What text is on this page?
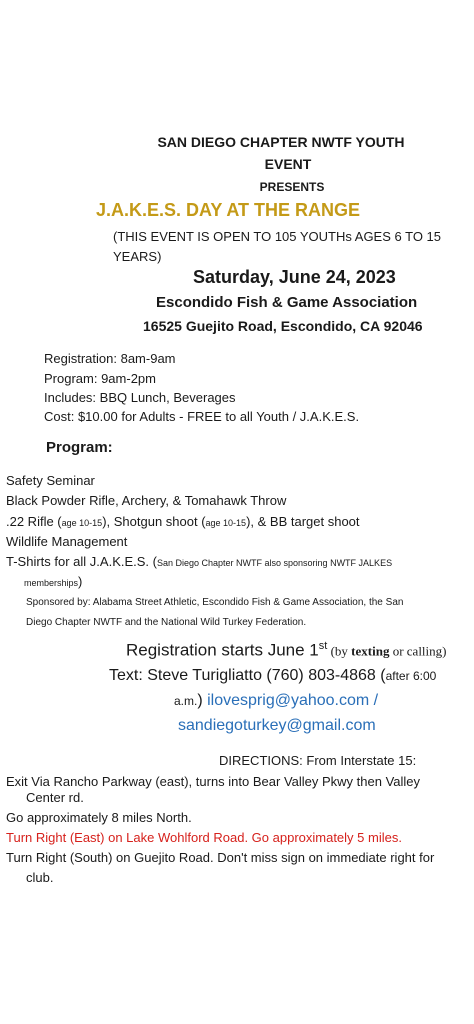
SAN DIEGO CHAPTER NWTF YOUTH
EVENT
PRESENTS
J.A.K.E.S. DAY AT THE RANGE
(THIS EVENT IS OPEN TO 105 YOUTHs AGES 6 TO 15
YEARS)
Saturday, June 24, 2023
Escondido Fish & Game Association
16525 Guejito Road, Escondido, CA 92046
Registration: 8am-9am
Program: 9am-2pm
Includes: BBQ Lunch, Beverages
Cost: $10.00 for Adults - FREE to all Youth / J.A.K.E.S.
Program:
Safety Seminar
Black Powder Rifle, Archery, & Tomahawk Throw
.22 Rifle (age 10-15), Shotgun shoot (age 10-15), & BB target shoot
Wildlife Management
T-Shirts for all J.A.K.E.S. (San Diego Chapter NWTF also sponsoring NWTF JALKES
memberships)
Sponsored by: Alabama Street Athletic, Escondido Fish & Game Association, the San
Diego Chapter NWTF and the National Wild Turkey Federation.
Registration starts June 1st (by texting or calling)
Text: Steve Turigliatto (760) 803-4868 (after 6:00
a.m.) ilovesprig@yahoo.com /
sandiegoturkey@gmail.com
DIRECTIONS: From Interstate 15:
Exit Via Rancho Parkway (east), turns into Bear Valley Pkwy then Valley
Center rd.
Go approximately 8 miles North.
Turn Right (East) on Lake Wohlford Road. Go approximately 5 miles.
Turn Right (South) on Guejito Road. Don't miss sign on immediate right for
club.
